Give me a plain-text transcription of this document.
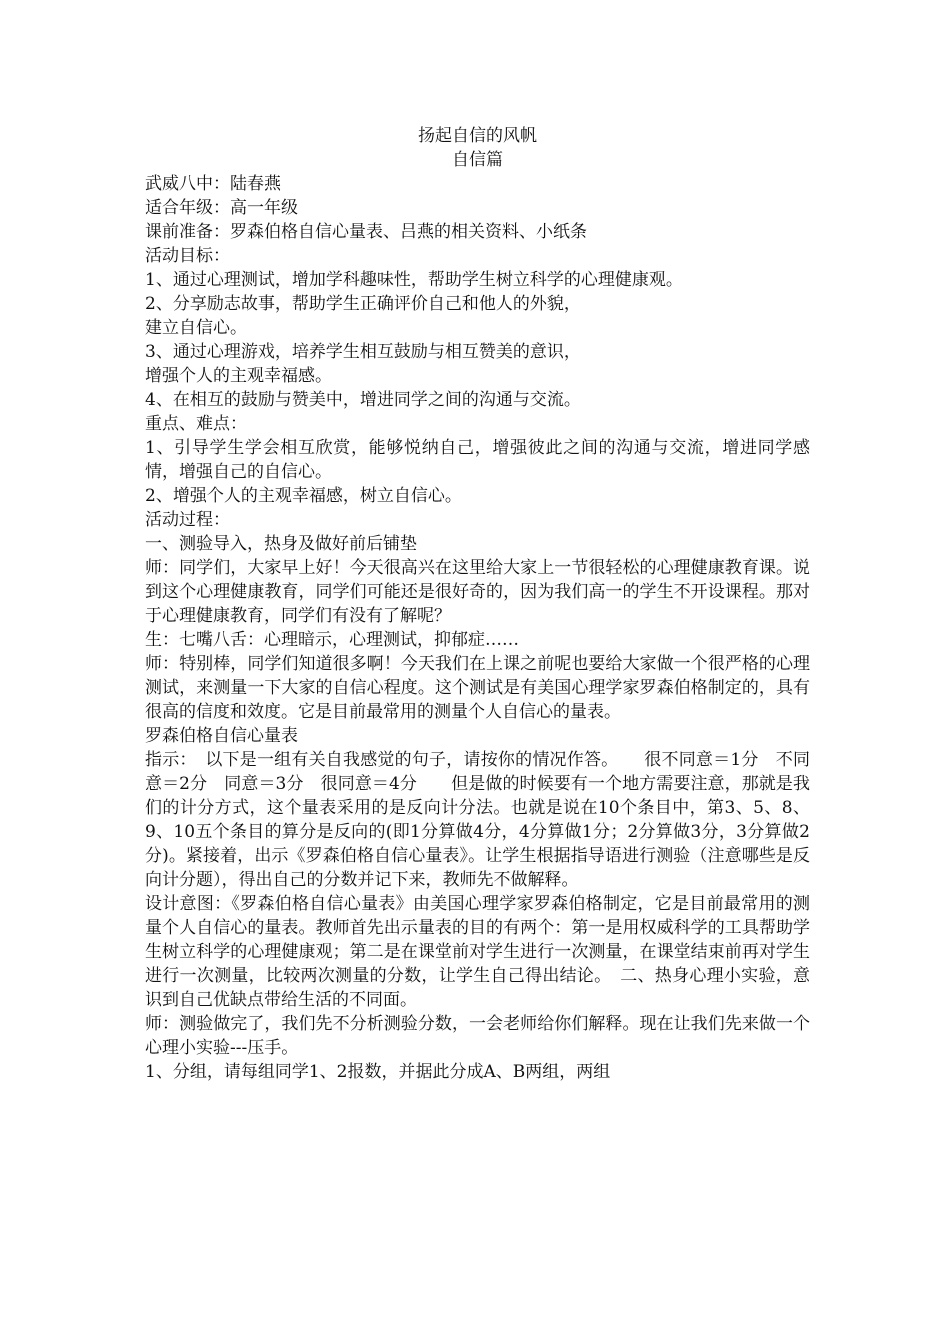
扬起自信的风帆

自信篇

武威八中：陆春燕

适合年级：高一年级

课前准备：罗森伯格自信心量表、吕燕的相关资料、小纸条

活动目标：

1、通过心理测试，增加学科趣味性，帮助学生树立科学的心理健康观。

2、分享励志故事，帮助学生正确评价自己和他人的外貌，

建立自信心。

3、通过心理游戏，培养学生相互鼓励与相互赞美的意识，

增强个人的主观幸福感。

4、在相互的鼓励与赞美中，增进同学之间的沟通与交流。

重点、难点：

1、引导学生学会相互欣赏，能够悦纳自己，增强彼此之间的沟通与交流，增进同学感情，增强自己的自信心。

2、增强个人的主观幸福感，树立自信心。

活动过程：

一、测验导入，热身及做好前后铺垫

师：同学们，大家早上好！今天很高兴在这里给大家上一节很轻松的心理健康教育课。说到这个心理健康教育，同学们可能还是很好奇的，因为我们高一的学生不开设课程。那对于心理健康教育，同学们有没有了解呢？

生：七嘴八舌：心理暗示，心理测试，抑郁症……

师：特别棒，同学们知道很多啊！今天我们在上课之前呢也要给大家做一个很严格的心理测试，来测量一下大家的自信心程度。这个测试是有美国心理学家罗森伯格制定的，具有很高的信度和效度。它是目前最常用的测量个人自信心的量表。

罗森伯格自信心量表

指示：　以下是一组有关自我感觉的句子，请按你的情况作答。　　很不同意＝1分　不同意＝2分　同意＝3分　很同意＝4分　　但是做的时候要有一个地方需要注意，那就是我们的计分方式，这个量表采用的是反向计分法。也就是说在10个条目中，第3、5、8、9、10五个条目的算分是反向的(即1分算做4分，4分算做1分；2分算做3分，3分算做2分)。紧接着，出示《罗森伯格自信心量表》。让学生根据指导语进行测验（注意哪些是反向计分题），得出自己的分数并记下来，教师先不做解释。

设计意图：《罗森伯格自信心量表》由美国心理学家罗森伯格制定，它是目前最常用的测量个人自信心的量表。教师首先出示量表的目的有两个：第一是用权威科学的工具帮助学生树立科学的心理健康观；第二是在课堂前对学生进行一次测量，在课堂结束前再对学生进行一次测量，比较两次测量的分数，让学生自己得出结论。　二、热身心理小实验，意识到自己优缺点带给生活的不同面。

师：测验做完了，我们先不分析测验分数，一会老师给你们解释。现在让我们先来做一个心理小实验---压手。

1、分组，请每组同学1、2报数，并据此分成A、B两组，两组
